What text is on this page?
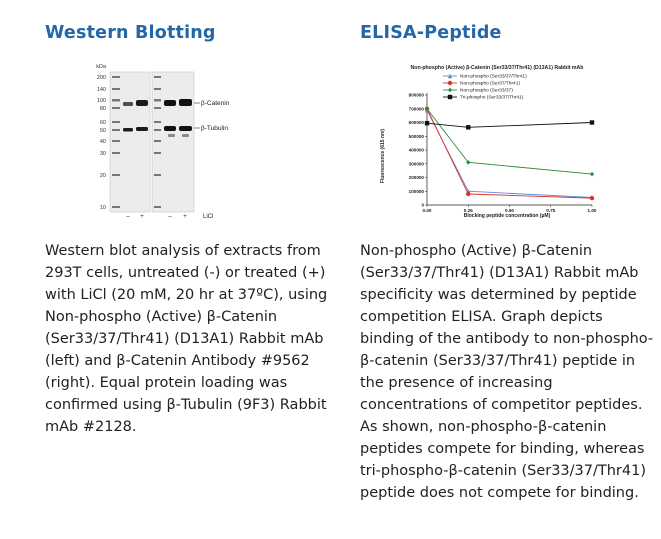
Western Blotting
kDa
200
140
100
80
60
50
40
30
20
10
β-Catenin
β-Tubulin
– +	– +	LiCl

Western blot analysis of extracts from 293T cells, untreated (-) or treated (+) with LiCl (20 mM, 20 hr at 37ºC), using Non-phospho (Active) β-Catenin (Ser33/37/Thr41) (D13A1) Rabbit mAb (left) and β-Catenin Antibody #9562 (right). Equal protein loading was confirmed using β-Tubulin (9F3) Rabbit mAb #2128.

ELISA-Peptide
Non-phospho (Active) β-Catenin (Ser33/37/Thr41) (D13A1) Rabbit mAb
Non-phospho (Ser33/37/Thr41)
Non-phospho (Ser37/Thr41)
Non-phospho (Ser33/37)
Tri-phospho (Ser33/37/Thr41)
0
100000
200000
300000
400000
500000
600000
700000
800000
0.00	0.25	0.50	0.75	1.00
Fluorescence (615 nm)
Blocking peptide concentration (µM)

Non-phospho (Active) β-Catenin (Ser33/37/Thr41) (D13A1) Rabbit mAb specificity was determined by peptide competition ELISA. Graph depicts binding of the antibody to non-phospho-β-catenin (Ser33/37/Thr41) peptide in the presence of increasing concentrations of competitor peptides. As shown, non-phospho-β-catenin peptides compete for binding, whereas tri-phospho-β-catenin (Ser33/37/Thr41) peptide does not compete for binding.
